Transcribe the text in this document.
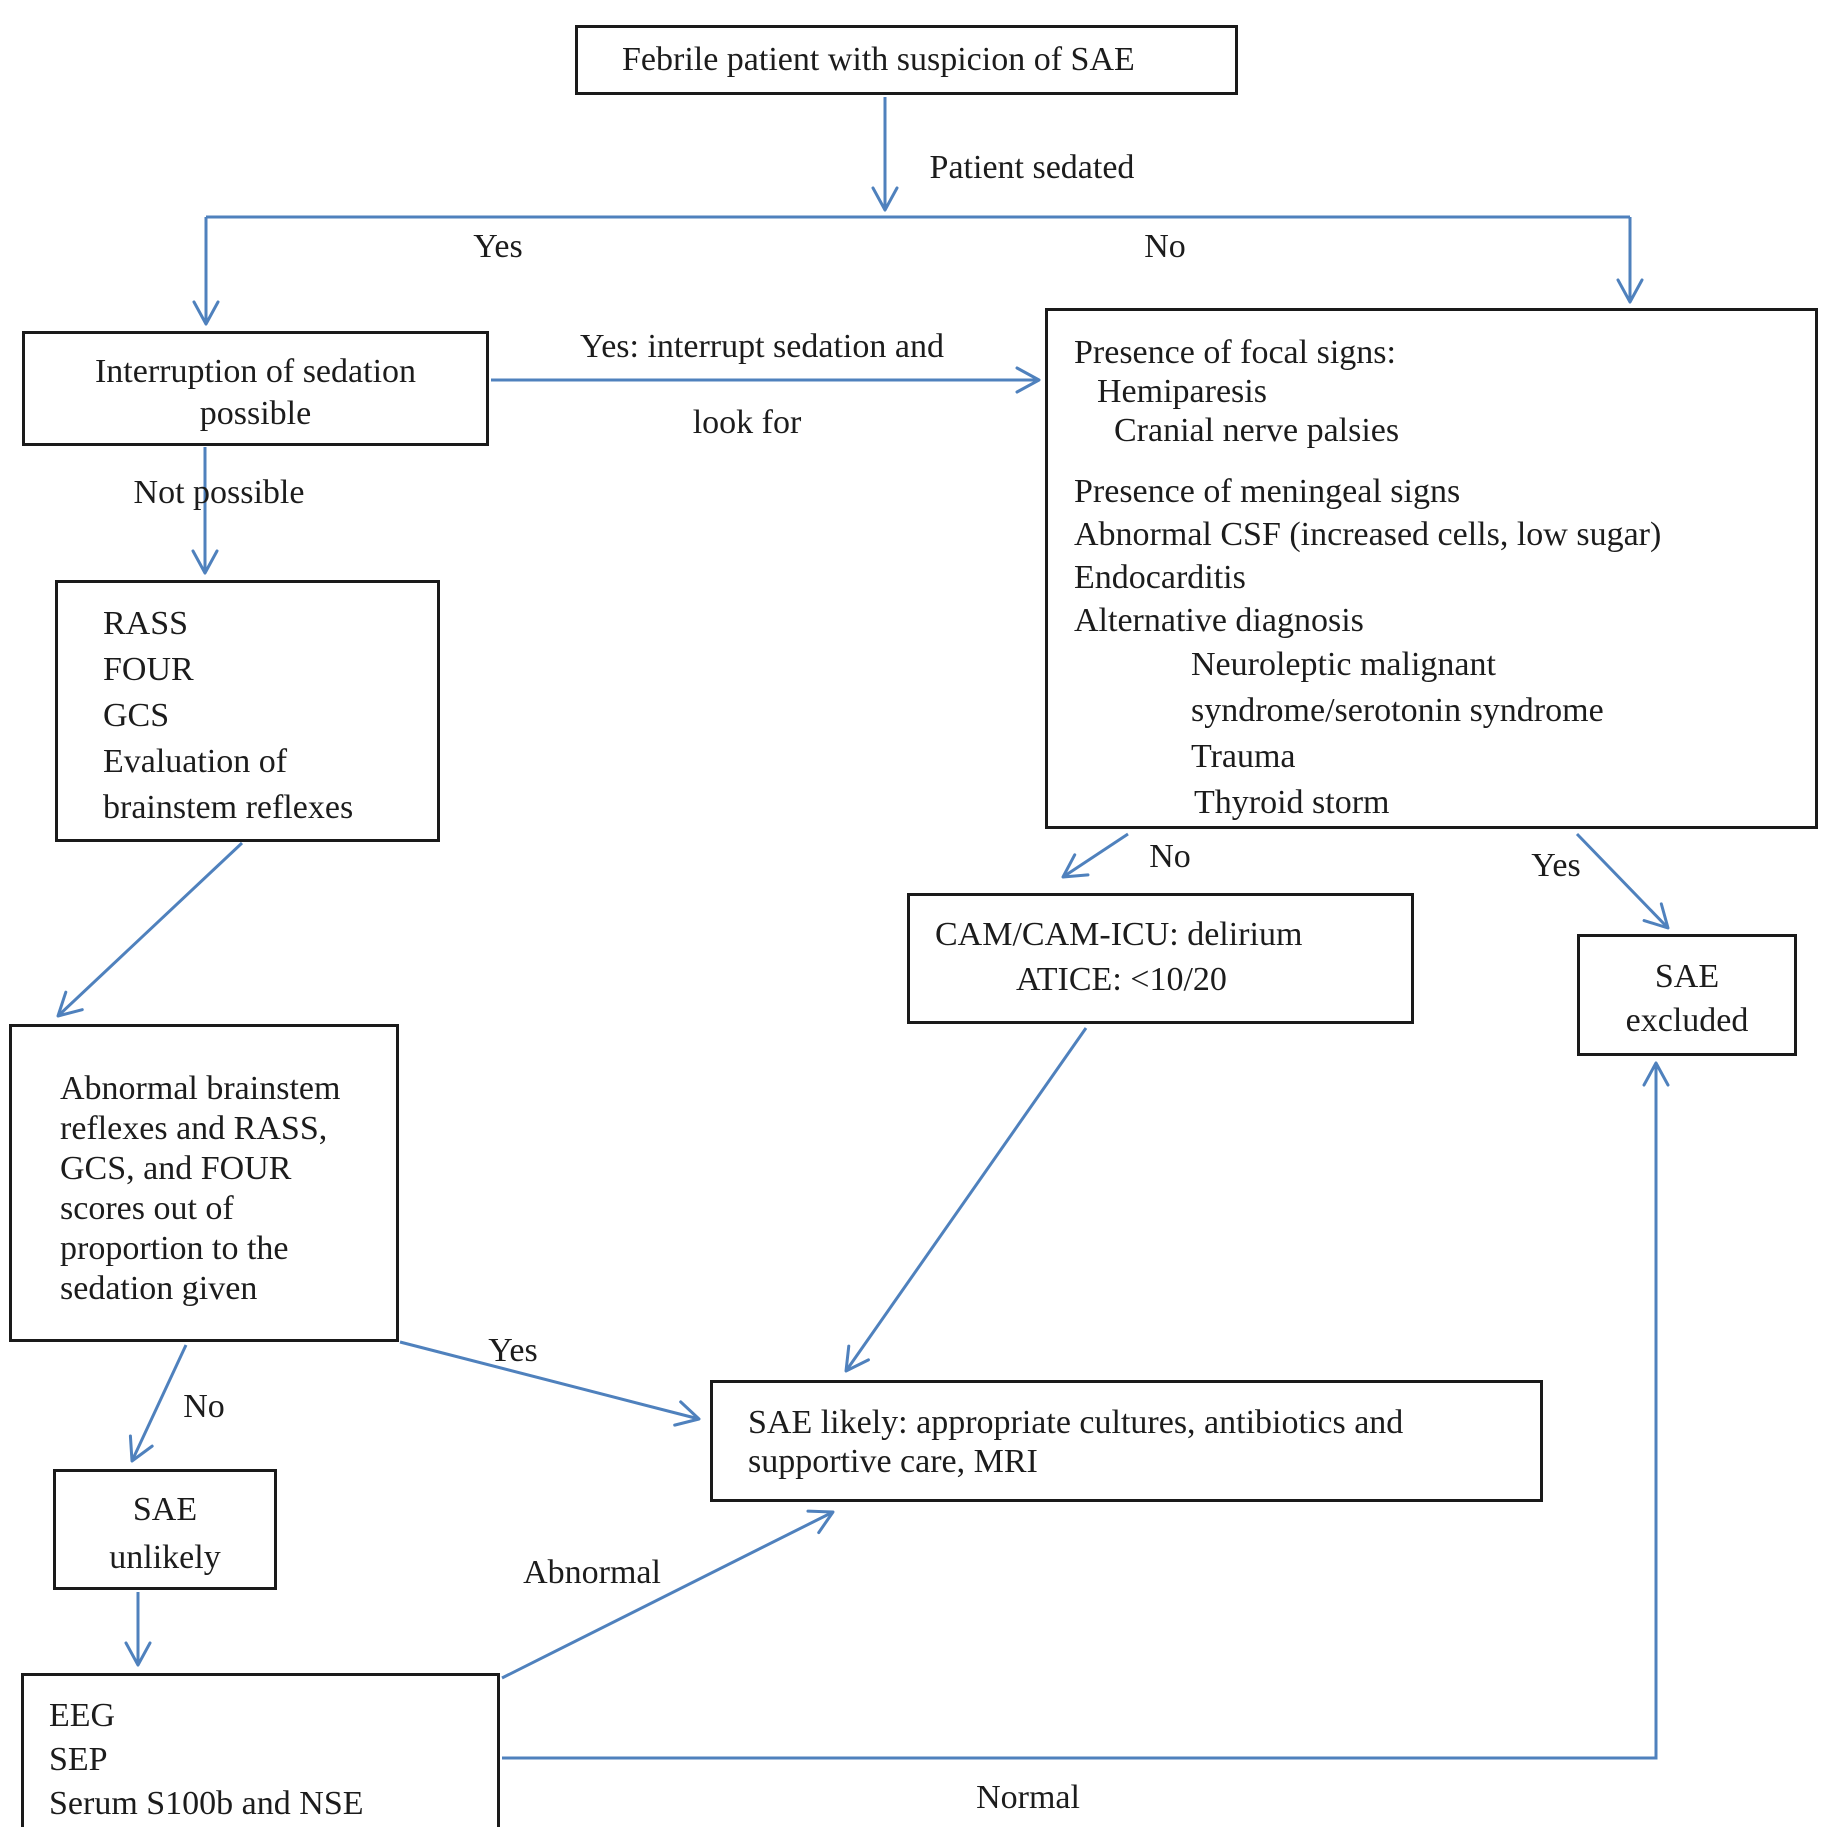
Febrile patient with suspicion of SAE
Interruption of sedation
possible
RASS
FOUR
GCS
Evaluation of
brainstem reflexes
Presence of focal signs:
Hemiparesis
Cranial nerve palsies
Presence of meningeal signs
Abnormal CSF (increased cells, low sugar)
Endocarditis
Alternative diagnosis
Neuroleptic malignant
syndrome/serotonin syndrome
Trauma
Thyroid storm
CAM/CAM-ICU: delirium
ATICE: <10/20	SAE
excluded
Abnormal brainstem
reflexes and RASS,
GCS, and FOUR
scores out of
proportion to the
sedation given
SAE
unlikely
SAE likely: appropriate cultures, antibiotics and
supportive care, MRI
EEG
SEP
Serum S100b and NSE
Patient sedated
Yes	No
Yes: interrupt sedation and
look for
Not possible
No	Yes
Yes
No
Abnormal
Normal
